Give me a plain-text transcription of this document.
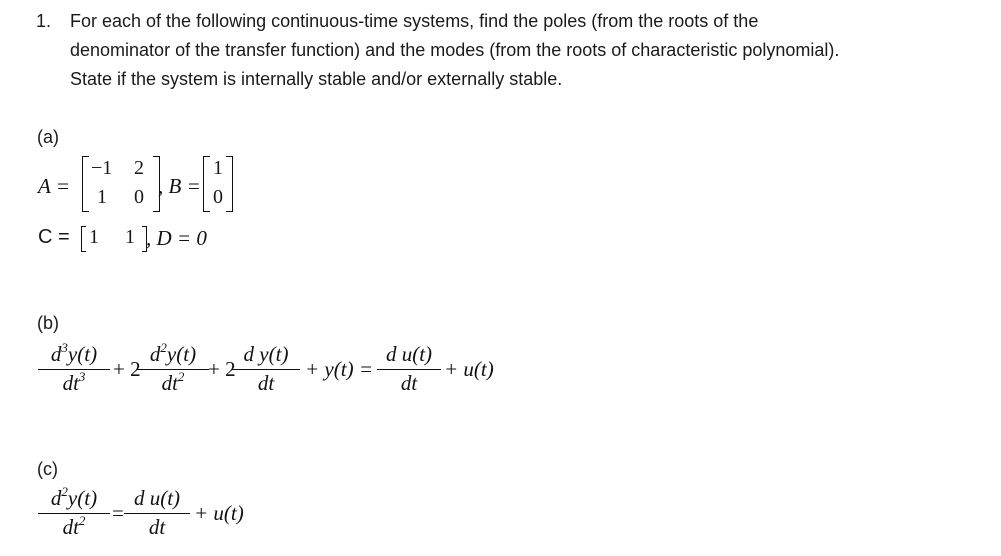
1. For each of the following continuous-time systems, find the poles (from the roots of the
denominator of the transfer function) and the modes (from the roots of characteristic polynomial).
State if the system is internally stable and/or externally stable.
(a)
A =
−1 2
1 0 , B =
1
0
C = 1 1 , D = 0
(b)
$d^3y(t)$
$dt^3$	+ 2
$d^2y(t)$
$dt^2$	+ 2
d y(t)
dt
+ y(t) =
d u(t)
dt
+ u(t)
(c)
$d^2y(t)$
$dt^2$	=
d u(t)
dt
+ u(t)
